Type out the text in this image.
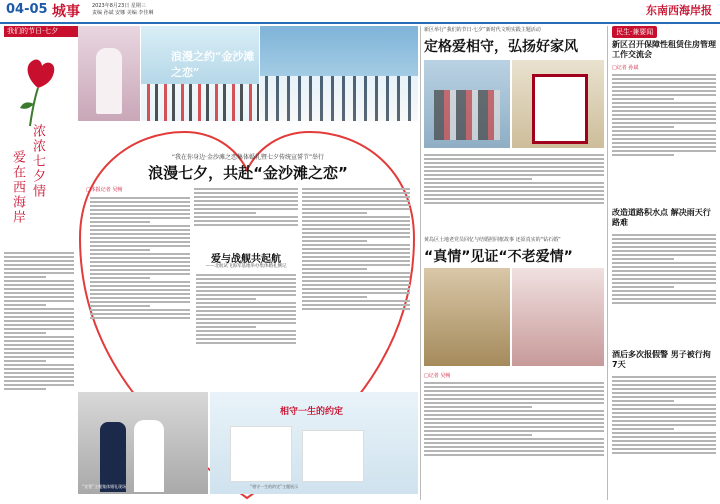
04-05 城事 2023年8月23日 星期三
责编 孙斌 安娜 美编 李佳琳	东南西海岸报
我们的节日·七夕
浓浓七夕情
爱在西海岸
浪漫之约“金沙滩之恋”
“我在你身边·金沙滩之恋集体婚礼暨七夕传统宣誓节”举行
浪漫七夕，共赴“金沙滩之恋”
□本报记者 吴畅
爱与战舰共起航
——北航试飞海军基地举办集体婚礼侧记
“宣誓”主题集体婚礼现场
相守一生的约定
“相守一生的约定”主题展示
新区举行“我们的节日·七夕”新时代文明实践主题活动
定格爱相守，弘扬好家风
黄岛区土地老党员回忆与结婚照同框故事 还原真实的“钻石婚”
“真情”见证“不老爱情”
□记者 吴畅
民生·兼要闻
新区召开保障性租赁住房管理工作交流会
□记者 孙斌
改造道路积水点 解决雨天行路难
酒后多次报假警 男子被行拘7天
